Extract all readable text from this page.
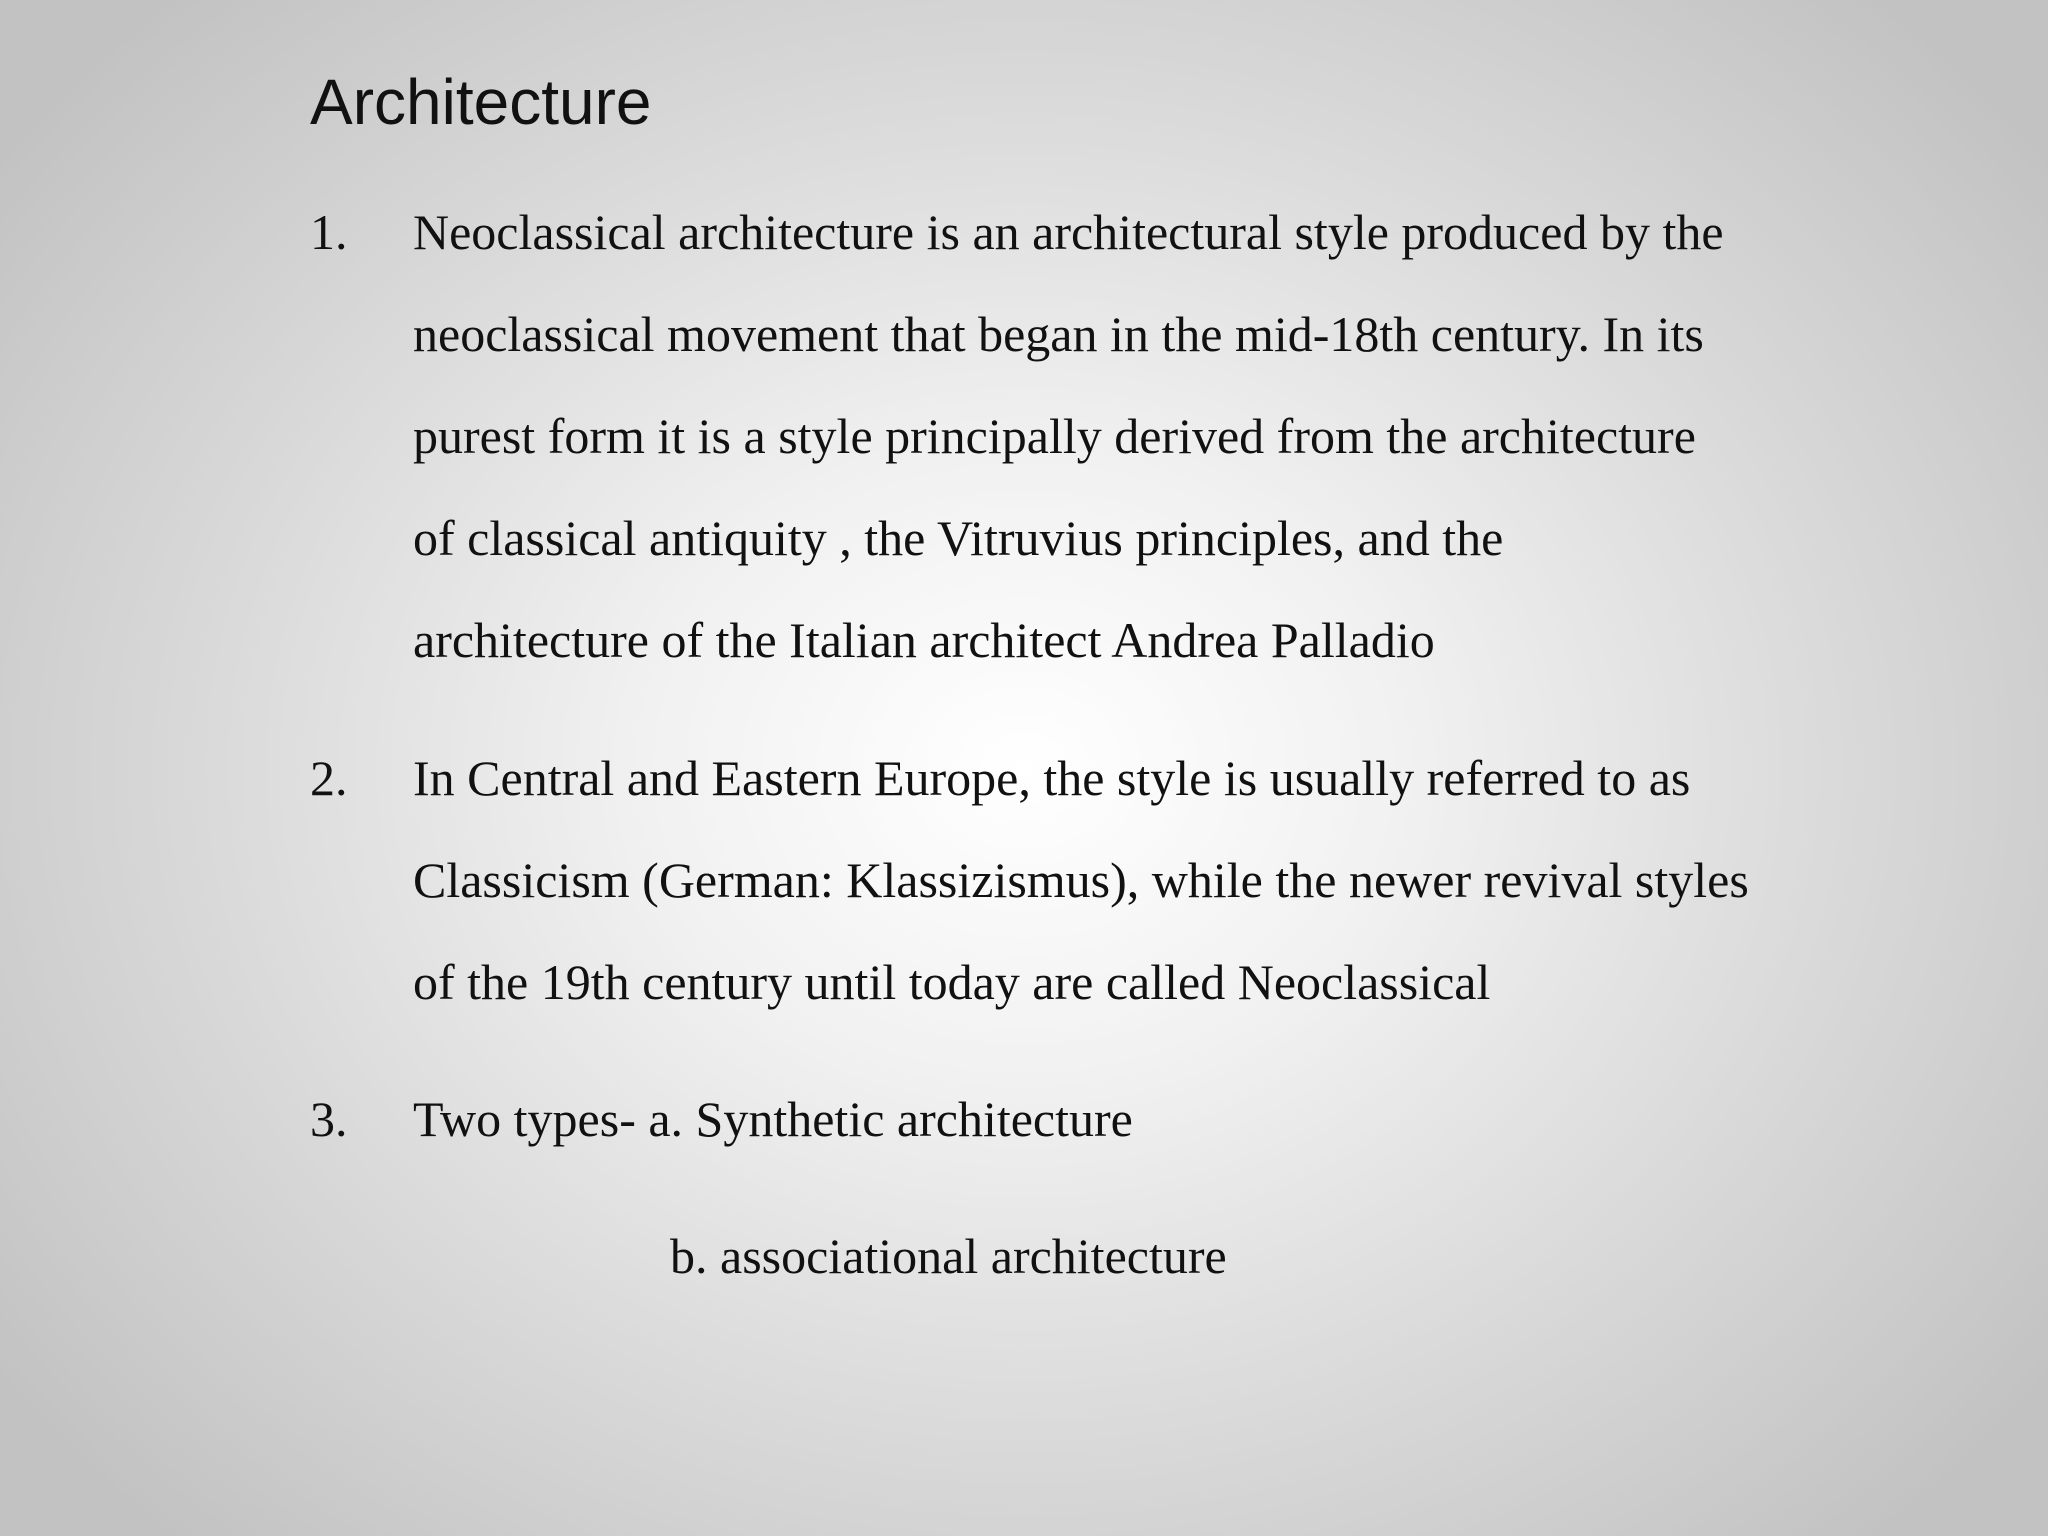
Architecture
1. Neoclassical architecture is an architectural style produced by the
neoclassical movement that began in the mid-18th century. In its
purest form it is a style principally derived from the architecture
of classical antiquity , the Vitruvius principles, and the
architecture of the Italian architect Andrea Palladio
2. In Central and Eastern Europe, the style is usually referred to as
Classicism (German: Klassizismus), while the newer revival styles
of the 19th century until today are called Neoclassical
3. Two types- a. Synthetic architecture
b. associational architecture
